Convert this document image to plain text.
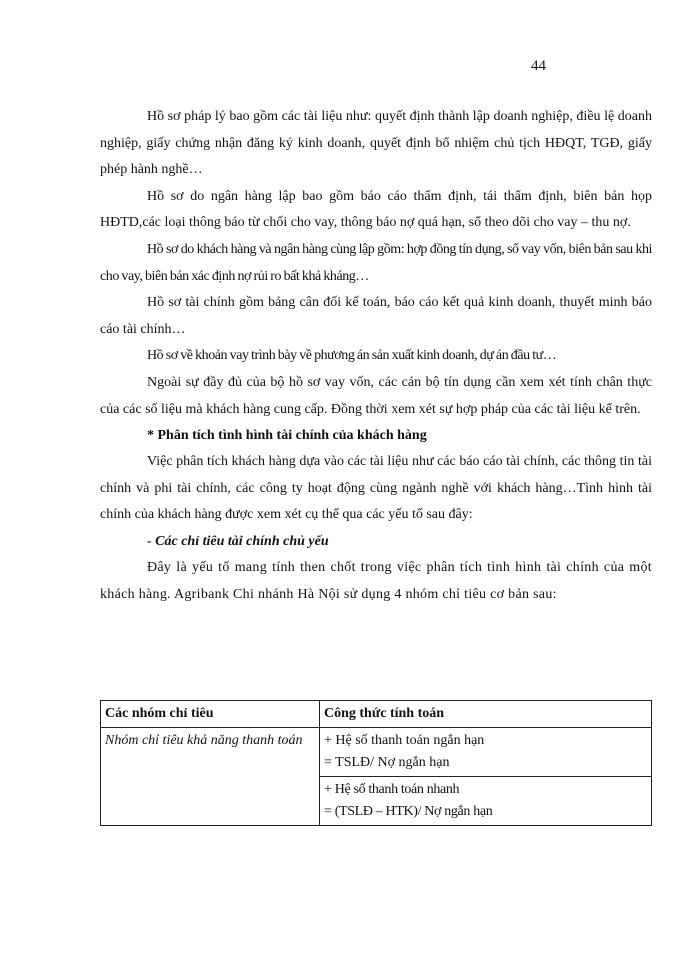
44

Hồ sơ pháp lý bao gồm các tài liệu như: quyết định thành lập doanh nghiệp, điều lệ doanh nghiệp, giấy chứng nhận đăng ký kinh doanh, quyết định bổ nhiệm chủ tịch HĐQT, TGĐ, giấy phép hành nghề…

Hồ sơ do ngân hàng lập bao gồm báo cáo thẩm định, tái thẩm định, biên bản họp HĐTD,các loại thông báo từ chối cho vay, thông báo nợ quá hạn, sổ theo dõi cho vay – thu nợ.

Hồ sơ do khách hàng và ngân hàng cùng lập gồm: hợp đồng tín dụng, sổ vay vốn, biên bản sau khi cho vay, biên bản xác định nợ rủi ro bất khả kháng…

Hồ sơ tài chính gồm bảng cân đối kế toán, báo cáo kết quả kinh doanh, thuyết minh báo cáo tài chính…

Hồ sơ về khoản vay trình bày về phương án sản xuất kinh doanh, dự án đầu tư…

Ngoài sự đầy đủ của bộ hồ sơ vay vốn, các cán bộ tín dụng cần xem xét tính chân thực của các số liệu mà khách hàng cung cấp. Đồng thời xem xét sự hợp pháp của các tài liệu kể trên.

* Phân tích tình hình tài chính của khách hàng

Việc phân tích khách hàng dựa vào các tài liệu như các báo cáo tài chính, các thông tin tài chính và phi tài chính, các công ty hoạt động cùng ngành nghề với khách hàng…Tình hình tài chính của khách hàng được xem xét cụ thể qua các yếu tố sau đây:

- Các chỉ tiêu tài chính chủ yếu

Đây là yếu tố mang tính then chốt trong việc phân tích tình hình tài chính của một khách hàng. Agribank Chi nhánh Hà Nội sử dụng 4 nhóm chỉ tiêu cơ bản sau:

Các nhóm chỉ tiêu	Công thức tính toán
Nhóm chỉ tiêu khả năng thanh toán	+ Hệ số thanh toán ngắn hạn
= TSLĐ/ Nợ ngắn hạn

	+ Hệ số thanh toán nhanh
= (TSLĐ – HTK)/ Nợ ngắn hạn
